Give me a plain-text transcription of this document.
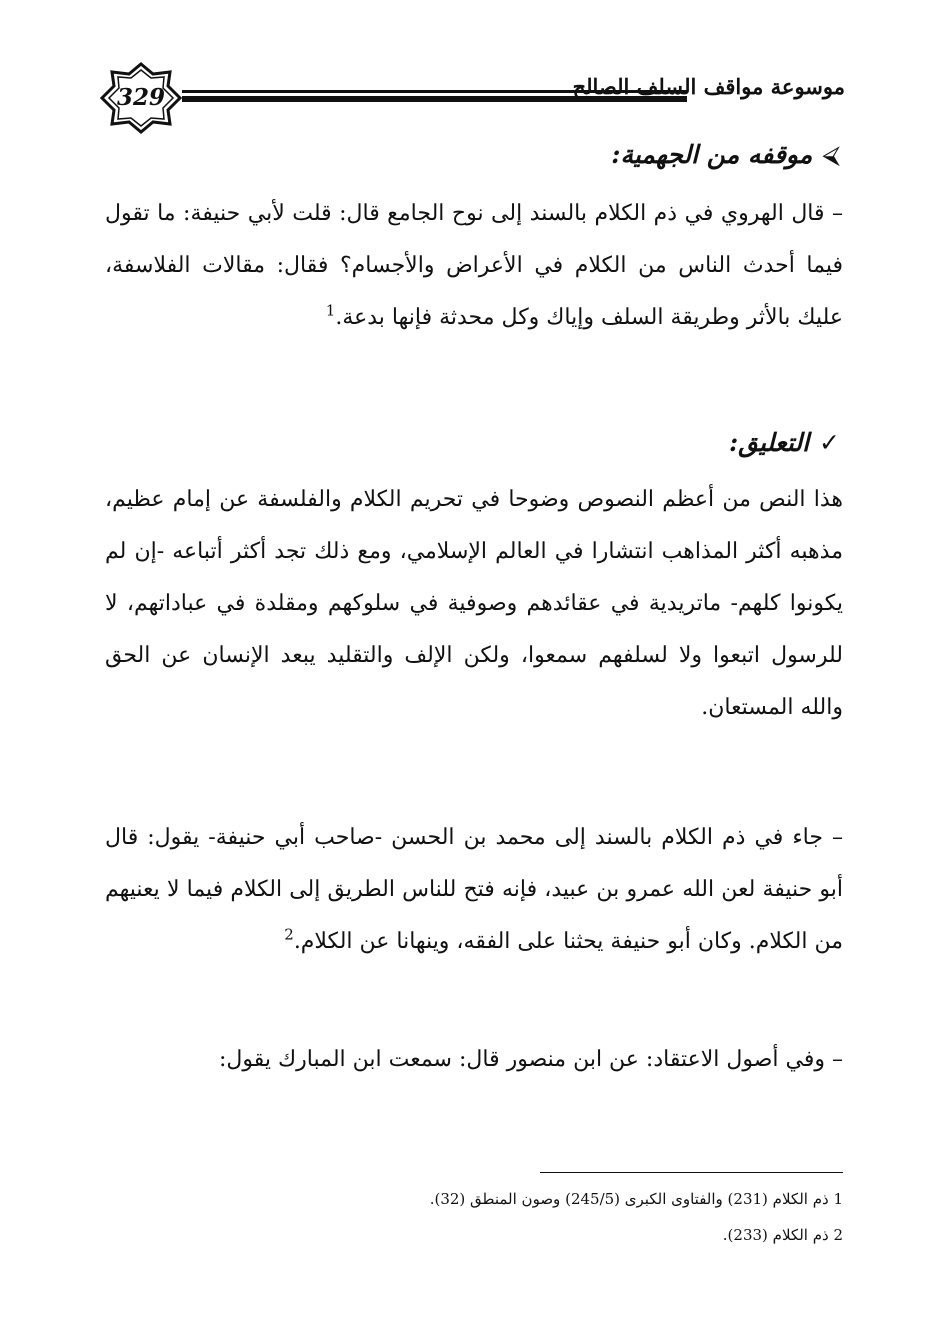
329	موسوعة مواقف السلف الصالح
⮘موقفه من الجهمية:

– قال الهروي في ذم الكلام بالسند إلى نوح الجامع قال: قلت لأبي حنيفة: ما تقول فيما أحدث الناس من الكلام في الأعراض والأجسام؟ فقال: مقالات الفلاسفة، عليك بالأثر وطريقة السلف وإياك وكل محدثة فإنها بدعة.$^1$

✓التعليق:

هذا النص من أعظم النصوص وضوحا في تحريم الكلام والفلسفة عن إمام عظيم، مذهبه أكثر المذاهب انتشارا في العالم الإسلامي، ومع ذلك تجد أكثر أتباعه -إن لم يكونوا كلهم- ماتريدية في عقائدهم وصوفية في سلوكهم ومقلدة في عباداتهم، لا للرسول اتبعوا ولا لسلفهم سمعوا، ولكن الإلف والتقليد يبعد الإنسان عن الحق والله المستعان.

– جاء في ذم الكلام بالسند إلى محمد بن الحسن -صاحب أبي حنيفة- يقول: قال أبو حنيفة لعن الله عمرو بن عبيد، فإنه فتح للناس الطريق إلى الكلام فيما لا يعنيهم من الكلام. وكان أبو حنيفة يحثنا على الفقه، وينهانا عن الكلام.$^2$

– وفي أصول الاعتقاد: عن ابن منصور قال: سمعت ابن المبارك يقول:

1 ذم الكلام (231) والفتاوى الكبرى (245/5) وصون المنطق (32).
2 ذم الكلام (233).
